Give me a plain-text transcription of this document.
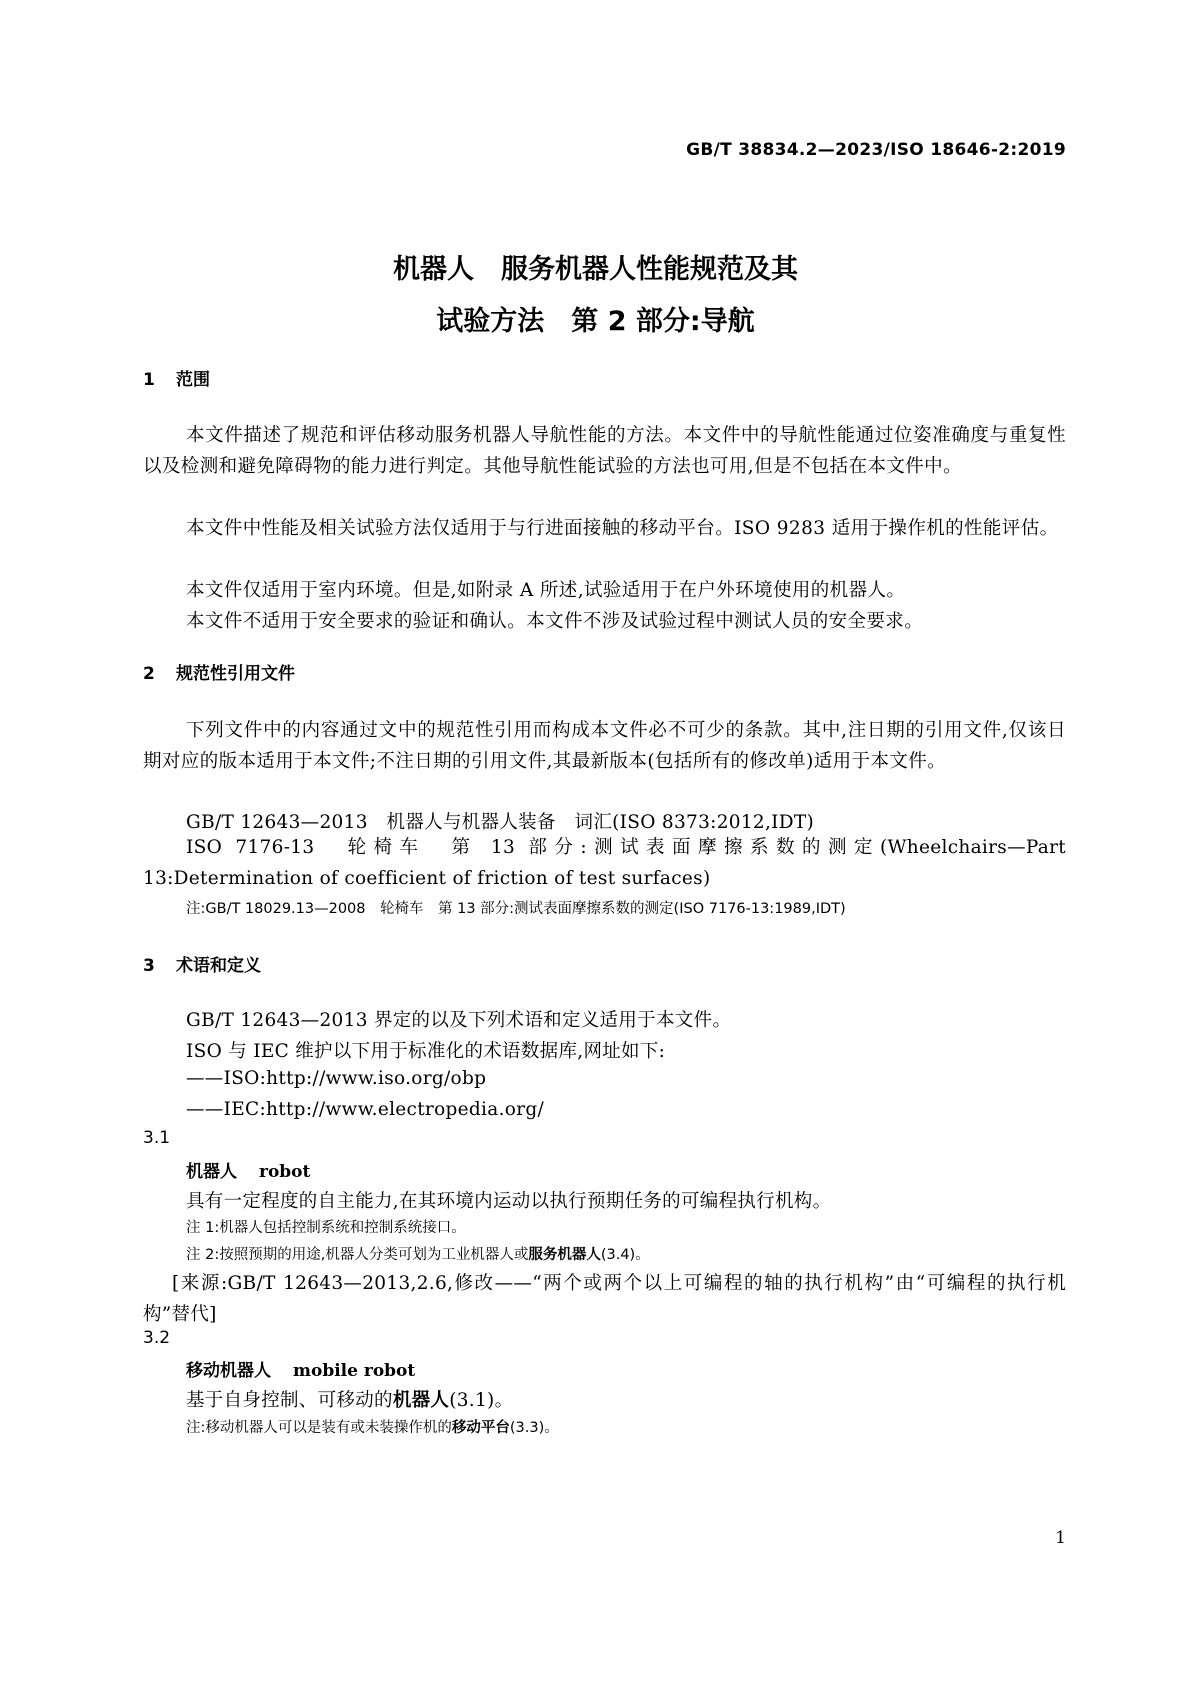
GB/T 38834.2—2023/ISO 18646-2:2019
机器人　服务机器人性能规范及其
试验方法　第 2 部分:导航
1 范围
本文件描述了规范和评估移动服务机器人导航性能的方法。本文件中的导航性能通过位姿准确度与重复性以及检测和避免障碍物的能力进行判定。其他导航性能试验的方法也可用,但是不包括在本文件中。
本文件中性能及相关试验方法仅适用于与行进面接触的移动平台。ISO 9283 适用于操作机的性能评估。
本文件仅适用于室内环境。但是,如附录 A 所述,试验适用于在户外环境使用的机器人。
本文件不适用于安全要求的验证和确认。本文件不涉及试验过程中测试人员的安全要求。
2 规范性引用文件
下列文件中的内容通过文中的规范性引用而构成本文件必不可少的条款。其中,注日期的引用文件,仅该日期对应的版本适用于本文件;不注日期的引用文件,其最新版本(包括所有的修改单)适用于本文件。
GB/T 12643—2013　机器人与机器人装备　词汇(ISO 8373:2012,IDT)
ISO 7176-13　轮椅车　第 13 部分:测试表面摩擦系数的测定(Wheelchairs—Part 13:Determination of coefficient of friction of test surfaces)
注:GB/T 18029.13—2008　轮椅车　第 13 部分:测试表面摩擦系数的测定(ISO 7176-13:1989,IDT)
3 术语和定义
GB/T 12643—2013 界定的以及下列术语和定义适用于本文件。
ISO 与 IEC 维护以下用于标准化的术语数据库,网址如下:
——ISO:http://www.iso.org/obp
——IEC:http://www.electropedia.org/
3.1
机器人 robot
具有一定程度的自主能力,在其环境内运动以执行预期任务的可编程执行机构。
注 1:机器人包括控制系统和控制系统接口。
注 2:按照预期的用途,机器人分类可划为工业机器人或服务机器人(3.4)。
[来源:GB/T 12643—2013,2.6,修改——“两个或两个以上可编程的轴的执行机构”由“可编程的执行机构”替代]
3.2
移动机器人 mobile robot
基于自身控制、可移动的机器人(3.1)。
注:移动机器人可以是装有或未装操作机的移动平台(3.3)。
1
